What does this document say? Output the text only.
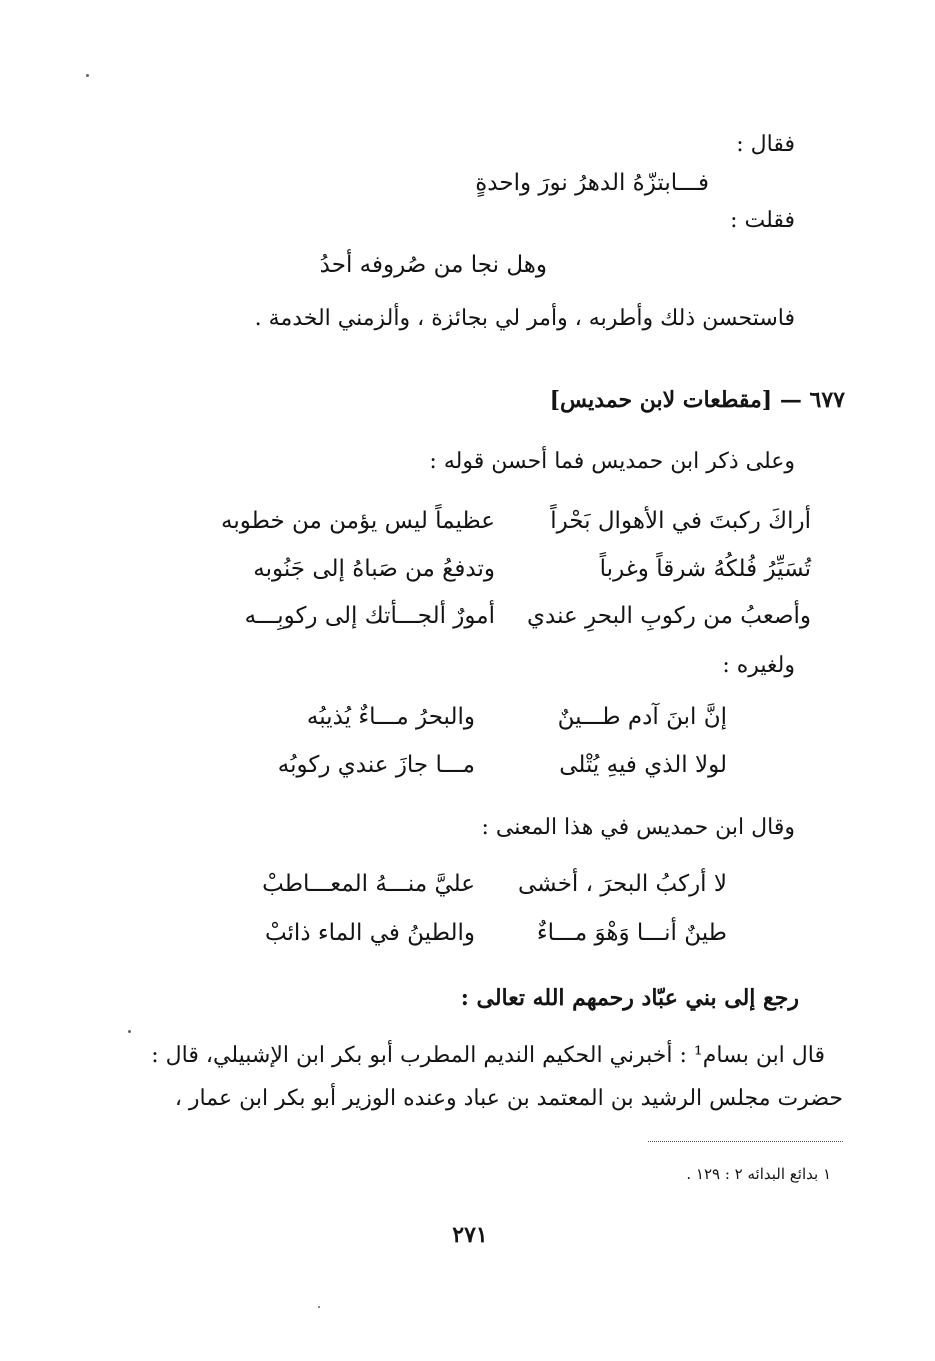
فقال :
فـــابتزّهُ الدهرُ نورَ واحدةٍ
فقلت :
وهل نجا من صُروفه أحدُ
فاستحسن ذلك وأطربه ، وأمر لي بجائزة ، وألزمني الخدمة .
٦٧٧ — [مقطعات لابن حمديس]
وعلى ذكر ابن حمديس فما أحسن قوله :
أراكَ ركبتَ في الأهوال بَحْراً
عظيماً ليس يؤمن من خطوبه
تُسَيِّرُ فُلكُهُ شرقاً وغرباً
وتدفعُ من صَباهُ إلى جَنُوبه
وأصعبُ من ركوبِ البحرِ عندي
أمورٌ ألجـــأتك إلى ركوبِـــه
ولغيره :
إنَّ ابنَ آدم طـــينٌ
والبحرُ مـــاءٌ يُذيبُه
لولا الذي فيهِ يُتْلى
مـــا جازَ عندي ركوبُه
وقال ابن حمديس في هذا المعنى :
لا أركبُ البحرَ ، أخشى
عليَّ منـــهُ المعـــاطبْ
طينٌ أنـــا وَهْوَ مـــاءٌ
والطينُ في الماء ذائبْ
رجع إلى بني عبّاد رحمهم الله تعالى :
قال ابن بسام¹ : أخبرني الحكيم النديم المطرب أبو بكر ابن الإشبيلي، قال :
حضرت مجلس الرشيد بن المعتمد بن عباد وعنده الوزير أبو بكر ابن عمار ،
١ بدائع البدائه ٢ : ١٢٩ .
٢٧١
